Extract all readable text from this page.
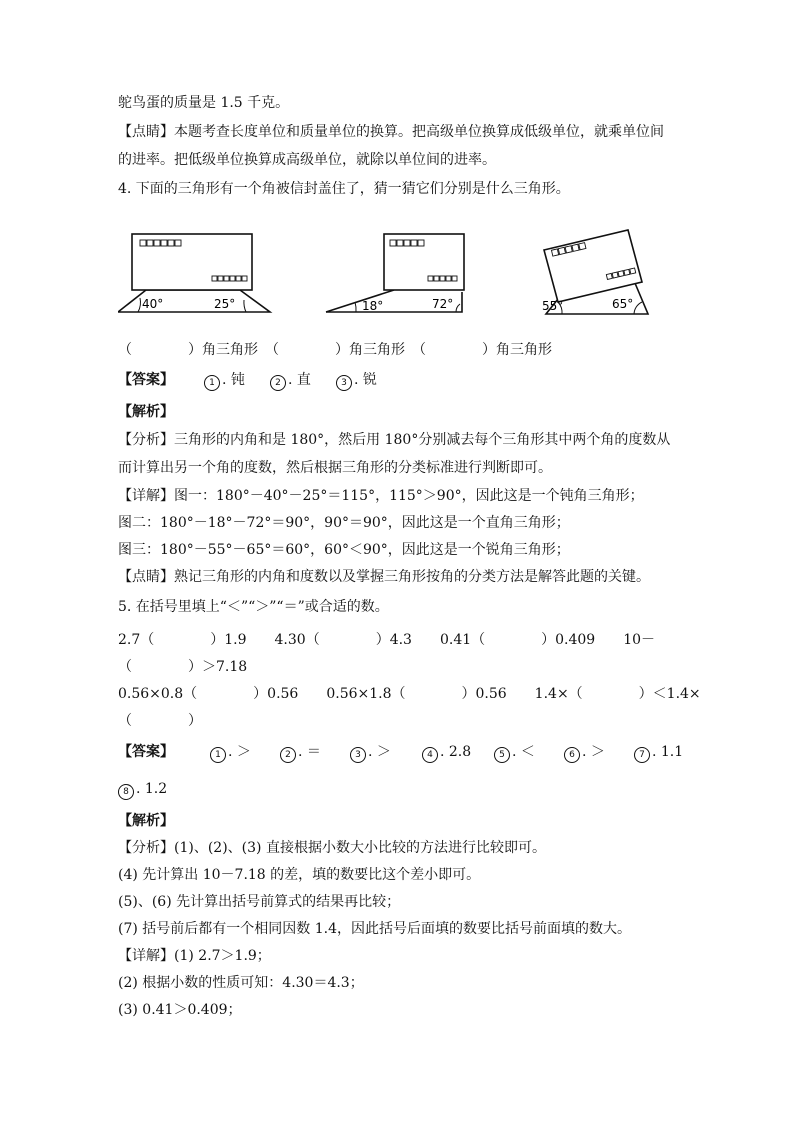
鸵鸟蛋的质量是 1.5 千克。
【点睛】本题考查长度单位和质量单位的换算。把高级单位换算成低级单位，就乘单位间
的进率。把低级单位换算成高级单位，就除以单位间的进率。
4. 下面的三角形有一个角被信封盖住了，猜一猜它们分别是什么三角形。
40°	25°	18°	72°	55°	65°
（　　　　）角三角形　（　　　　）角三角形　（　　　　）角三角形
【答案】	1 . 钝	2 . 直	3 . 锐
【解析】
【分析】三角形的内角和是 180°，然后用 180°分别减去每个三角形其中两个角的度数从
而计算出另一个角的度数，然后根据三角形的分类标准进行判断即可。
【详解】图一：180°－40°－25°＝115°，115°＞90°，因此这是一个钝角三角形；
图二：180°－18°－72°＝90°，90°＝90°，因此这是一个直角三角形；
图三：180°－55°－65°＝60°，60°＜90°，因此这是一个锐角三角形；
【点睛】熟记三角形的内角和度数以及掌握三角形按角的分类方法是解答此题的关键。
5. 在括号里填上“＜”“＞”“＝”或合适的数。
2.7（　　　　）1.9　　4.30（　　　　）4.3　　0.41（　　　　）0.409　　10－
（　　　　）＞7.18
0.56×0.8（　　　　）0.56　　0.56×1.8（　　　　）0.56　　1.4×（　　　　）＜1.4×
（　　　　）
【答案】	1 . ＞	2 . ＝	3 . ＞	4 . 2.8	5 . ＜	6 . ＞	7 . 1.1
8 . 1.2
【解析】
【分析】(1)、(2)、(3) 直接根据小数大小比较的方法进行比较即可。
(4) 先计算出 10－7.18 的差，填的数要比这个差小即可。
(5)、(6) 先计算出括号前算式的结果再比较；
(7) 括号前后都有一个相同因数 1.4，因此括号后面填的数要比括号前面填的数大。
【详解】(1) 2.7＞1.9；
(2) 根据小数的性质可知：4.30＝4.3；
(3) 0.41＞0.409；
